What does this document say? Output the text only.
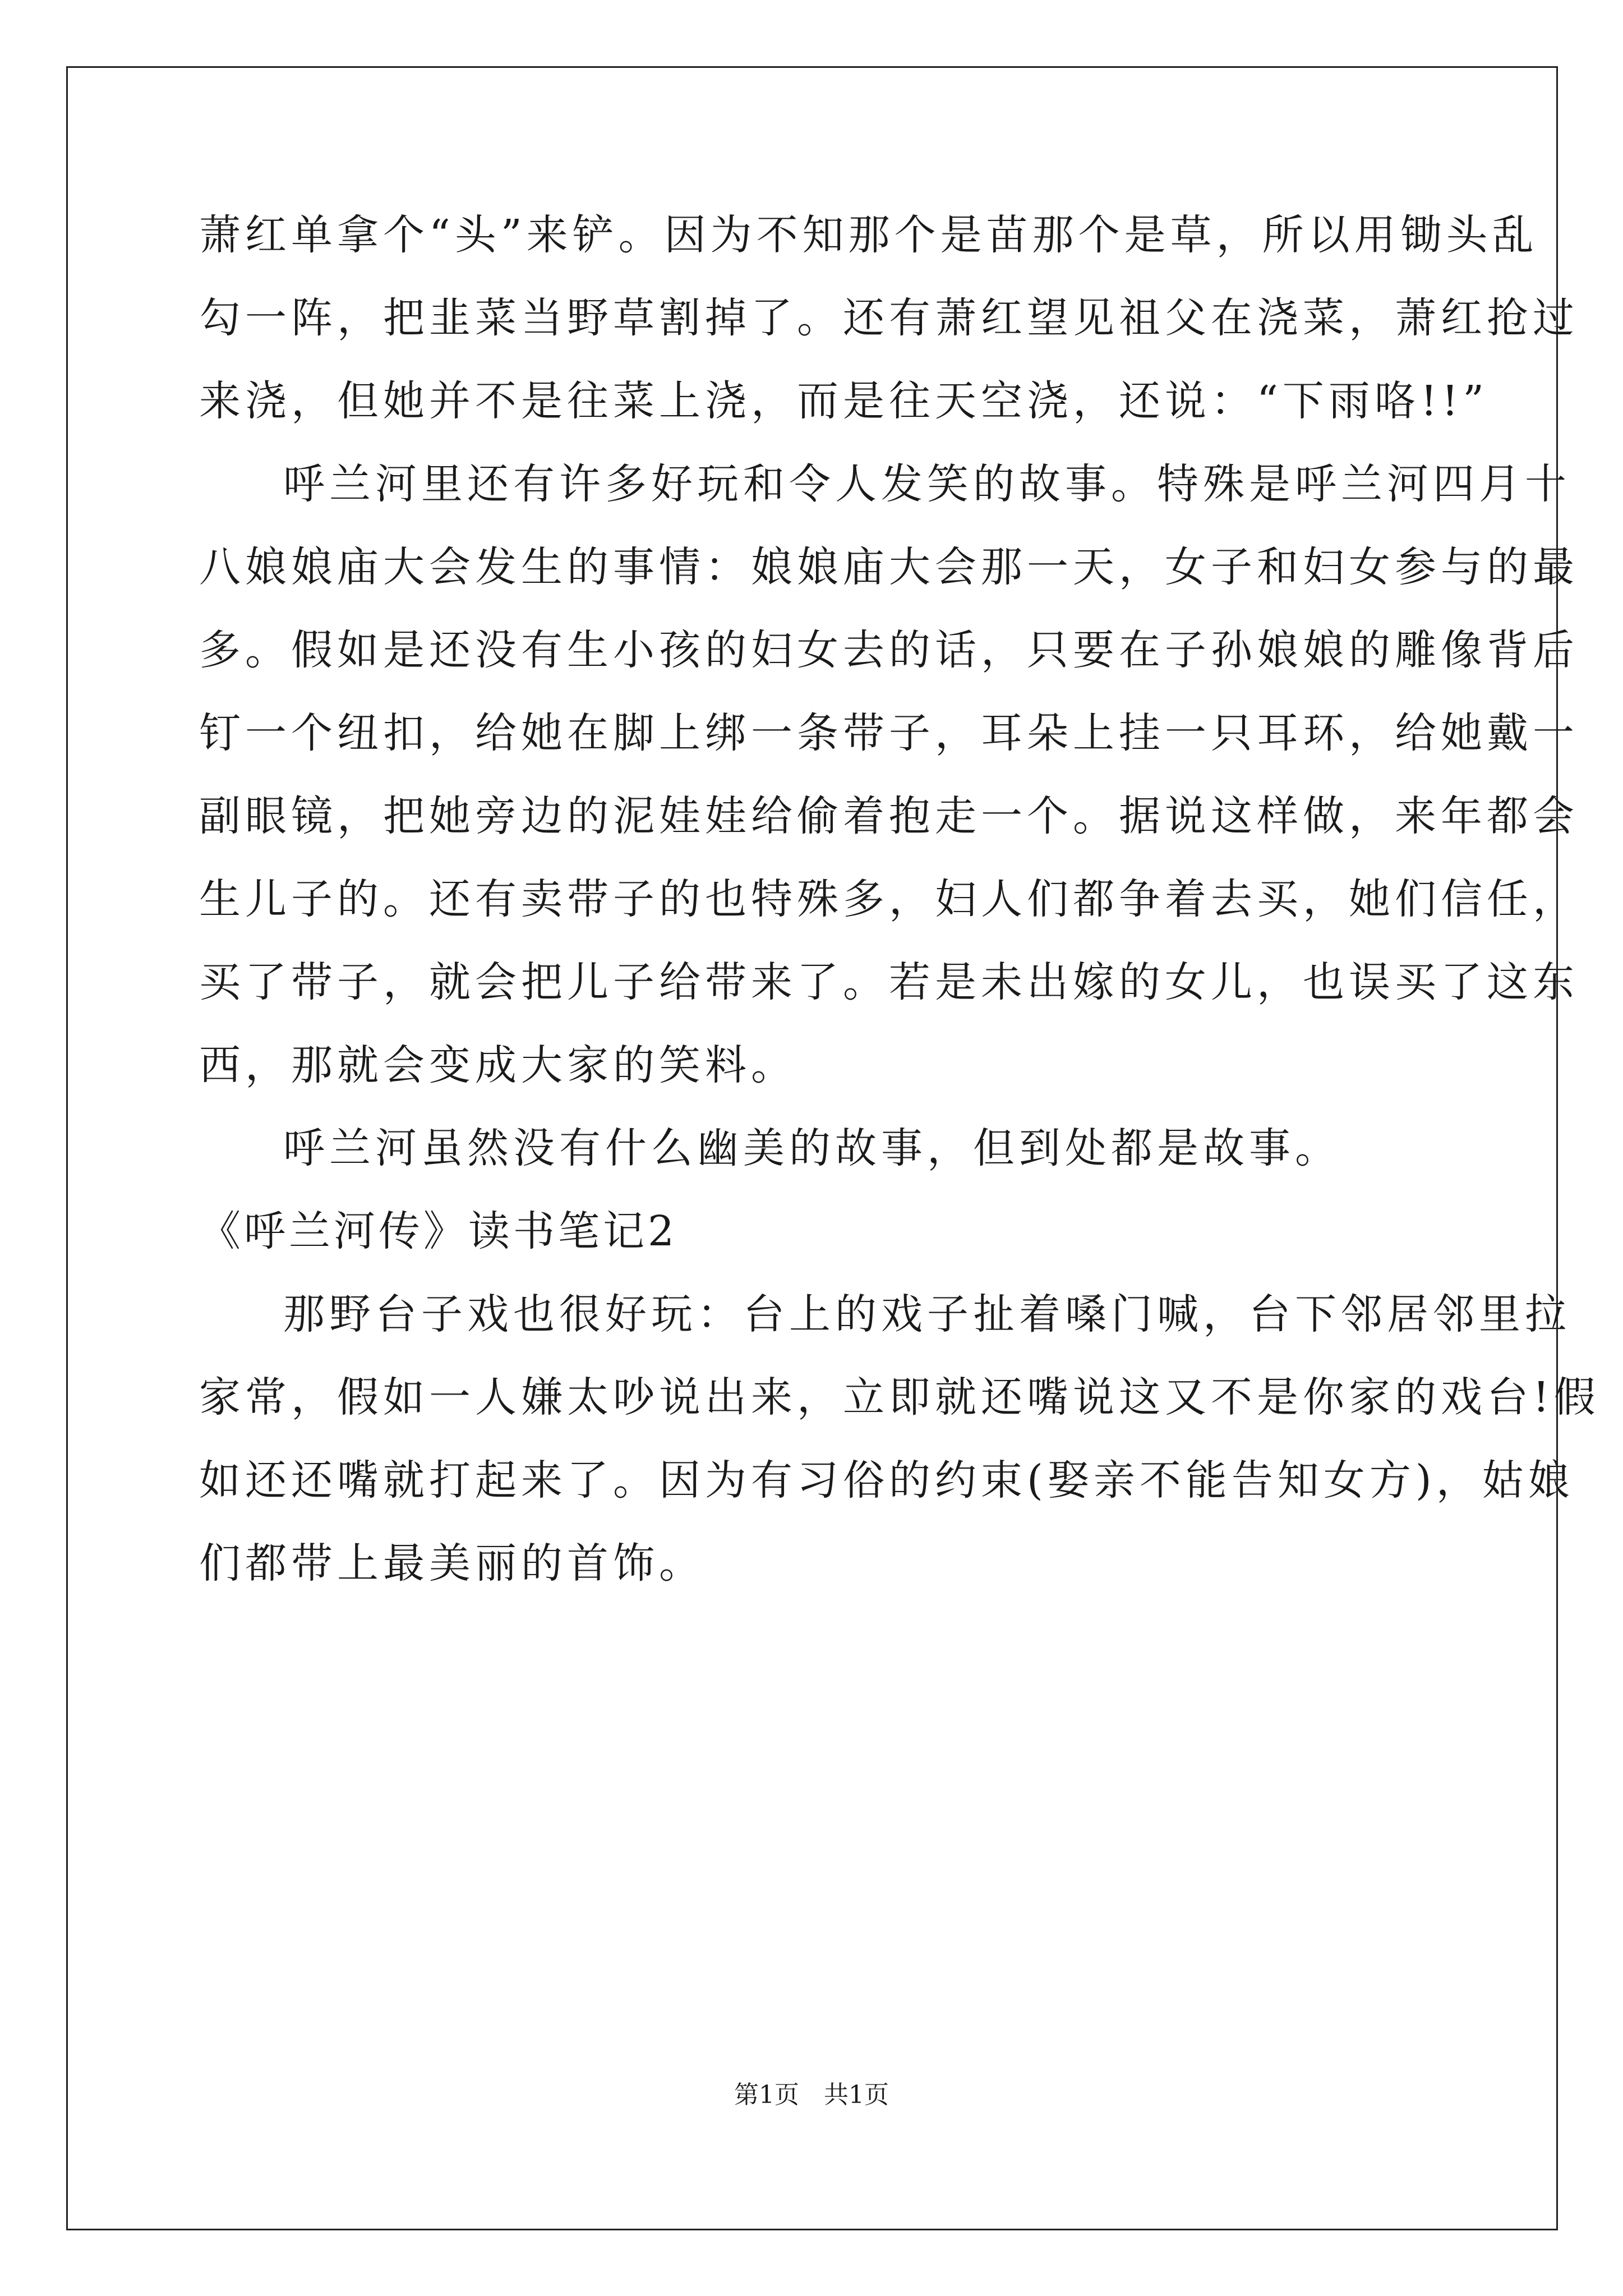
萧红单拿个“头”来铲。因为不知那个是苗那个是草，所以用锄头乱
勾一阵，把韭菜当野草割掉了。还有萧红望见祖父在浇菜，萧红抢过
来浇，但她并不是往菜上浇，而是往天空浇，还说：“下雨咯!!”
呼兰河里还有许多好玩和令人发笑的故事。特殊是呼兰河四月十
八娘娘庙大会发生的事情：娘娘庙大会那一天，女子和妇女参与的最
多。假如是还没有生小孩的妇女去的话，只要在子孙娘娘的雕像背后
钉一个纽扣，给她在脚上绑一条带子，耳朵上挂一只耳环，给她戴一
副眼镜，把她旁边的泥娃娃给偷着抱走一个。据说这样做，来年都会
生儿子的。还有卖带子的也特殊多，妇人们都争着去买，她们信任，
买了带子，就会把儿子给带来了。若是未出嫁的女儿，也误买了这东
西，那就会变成大家的笑料。
呼兰河虽然没有什么幽美的故事，但到处都是故事。
《呼兰河传》读书笔记2
那野台子戏也很好玩：台上的戏子扯着嗓门喊，台下邻居邻里拉
家常，假如一人嫌太吵说出来，立即就还嘴说这又不是你家的戏台!假
如还还嘴就打起来了。因为有习俗的约束(娶亲不能告知女方)，姑娘
们都带上最美丽的首饰。
第1页　共1页
